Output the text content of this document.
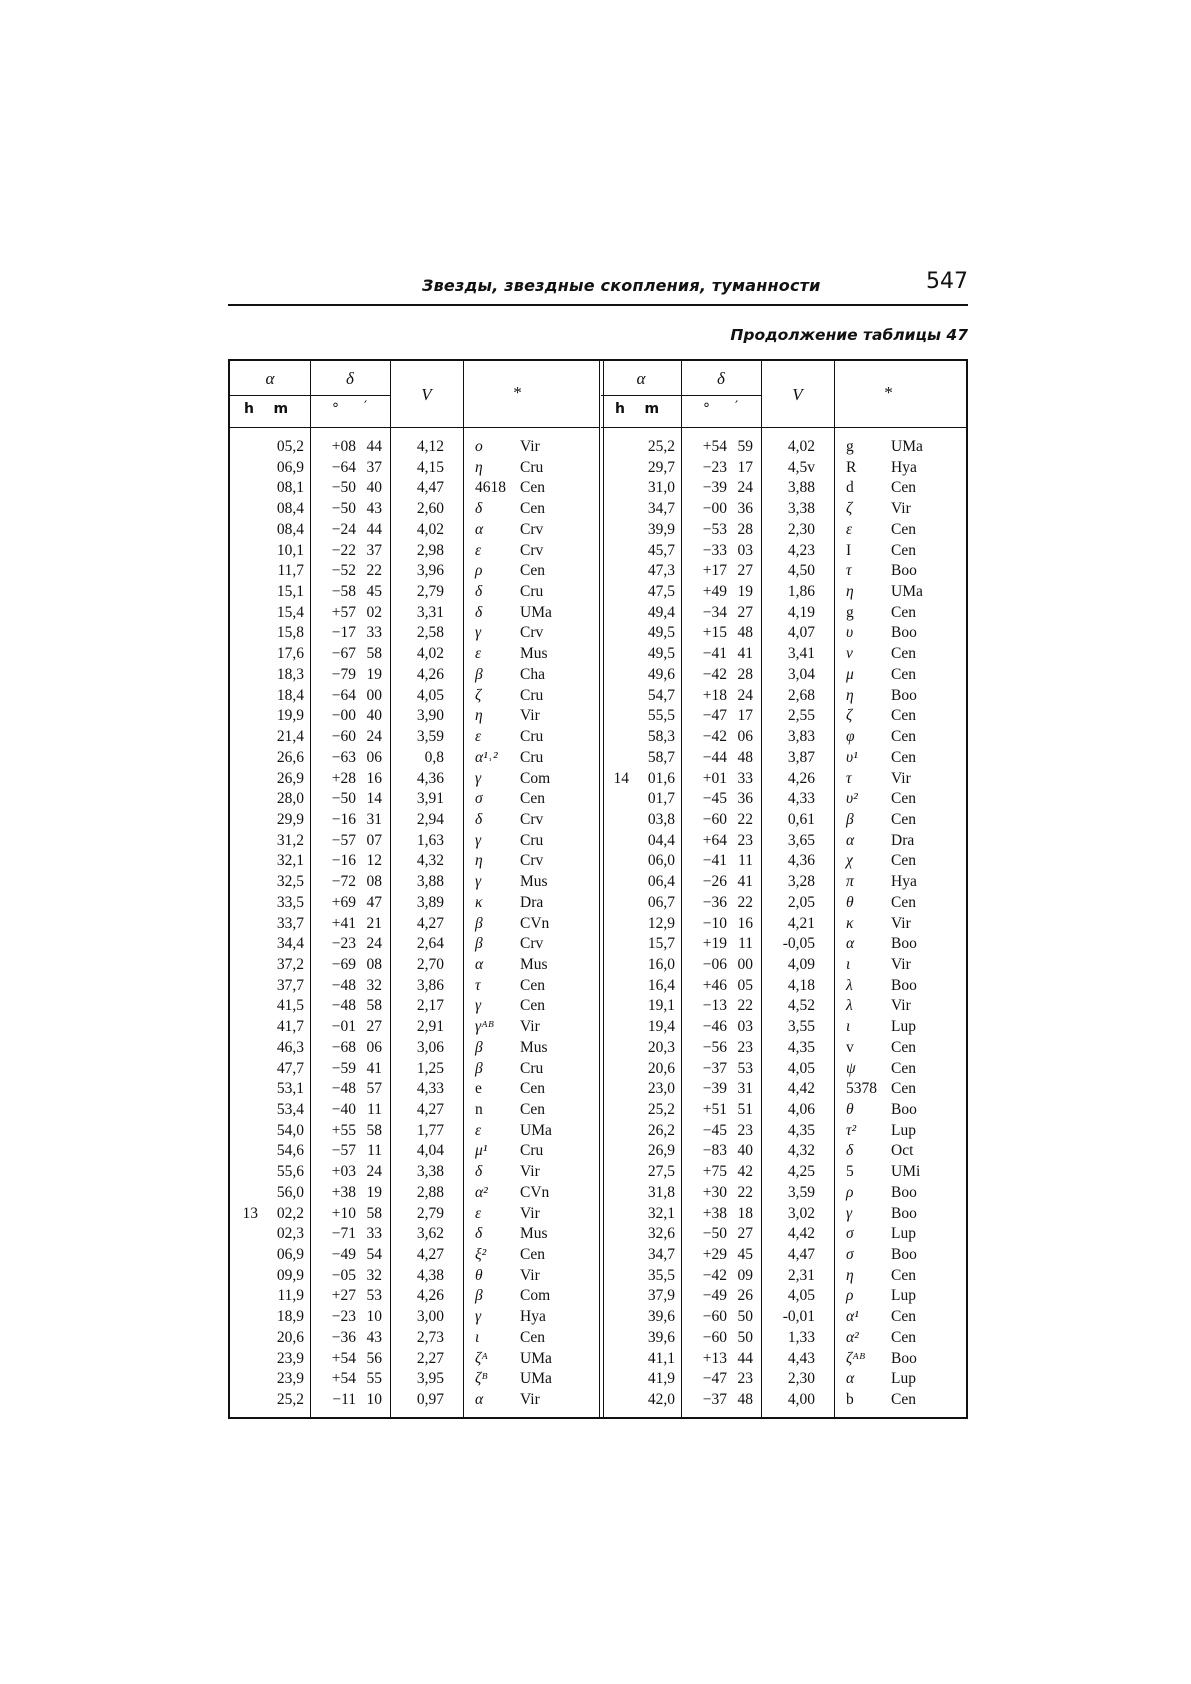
Звезды, звездные скопления, туманности	547
Продолжение таблицы 47
α	δ
V	*
h    m	° ′
05,2	+08 44	4,12 ο Vir
06,9	−64 37	4,15 η Cru
08,1	−50 40	4,47 4618 Cen
08,4	−50 43	2,60 δ Cen
08,4	−24 44	4,02 α Crv
10,1	−22 37	2,98 ε	Crv
11,7	−52 22	3,96 ρ Cen
15,1	−58 45	2,79 δ Cru
15,4	+57 02	3,31 δ UMa
15,8	−17 33	2,58 γ	Crv
17,6	−67 58	4,02 ε	Mus
18,3	−79 19	4,26 β Cha
18,4	−64 00	4,05 ζ Cru
19,9	−00 40	3,90 η Vir
21,4	−60 24	3,59 ε	Cru
26,6	−63 06	0,8 α¹˒² Cru
26,9	+28 16	4,36 γ	Com
28,0	−50 14	3,91 σ Cen
29,9	−16 31	2,94 δ Crv
31,2	−57 07	1,63 γ	Cru
32,1	−16 12	4,32 η Crv
32,5	−72 08	3,88 γ	Mus
33,5	+69 47	3,89 κ Dra
33,7	+41 21	4,27 β CVn
34,4	−23 24	2,64 β Crv
37,2	−69 08	2,70 α Mus
37,7	−48 32	3,86 τ	Cen
41,5	−48 58	2,17 γ	Cen
41,7	−01 27	2,91 γᴬᴮ Vir
46,3	−68 06	3,06 β Mus
47,7	−59 41	1,25 β Cru
53,1	−48 57	4,33 e Cen
53,4	−40 11	4,27 n Cen
54,0	+55 58	1,77 ε	UMa
54,6	−57 11	4,04 μ¹ Cru
55,6	+03 24	3,38 δ Vir
56,0	+38 19	2,88 α² CVn
13	02,2	+10 58	2,79 ε	Vir
02,3	−71 33	3,62 δ Mus
06,9	−49 54	4,27 ξ² Cen
09,9	−05 32	4,38 θ Vir
11,9	+27 53	4,26 β Com
18,9	−23 10	3,00 γ	Hya
20,6	−36 43	2,73 ι	Cen
23,9	+54 56	2,27 ζᴬ UMa
23,9	+54 55	3,95 ζᴮ UMa
25,2	−11 10	0,97 α Vir
α	δ
V	*
h    m	° ′
25,2	+54 59	4,02 g UMa
29,7	−23 17	4,5v R Hya
31,0	−39 24	3,88 d Cen
34,7	−00 36	3,38 ζ Vir
39,9	−53 28	2,30 ε	Cen
45,7	−33 03	4,23 I	Cen
47,3	+17 27	4,50 τ	Boo
47,5	+49 19	1,86 η UMa
49,4	−34 27	4,19 g Cen
49,5	+15 48	4,07 υ Boo
49,5	−41 41	3,41 ν Cen
49,6	−42 28	3,04 μ Cen
54,7	+18 24	2,68 η Boo
55,5	−47 17	2,55 ζ Cen
58,3	−42 06	3,83 φ Cen
58,7	−44 48	3,87 υ¹ Cen
14	01,6	+01 33	4,26 τ	Vir
01,7	−45 36	4,33 υ² Cen
03,8	−60 22	0,61 β Cen
04,4	+64 23	3,65 α Dra
06,0	−41 11	4,36 χ Cen
06,4	−26 41	3,28 π Hya
06,7	−36 22	2,05 θ Cen
12,9	−10 16	4,21 κ Vir
15,7	+19 11	-0,05 α Boo
16,0	−06 00	4,09 ι	Vir
16,4	+46 05	4,18 λ Boo
19,1	−13 22	4,52 λ Vir
19,4	−46 03	3,55 ι	Lup
20,3	−56 23	4,35 v Cen
20,6	−37 53	4,05 ψ Cen
23,0	−39 31	4,42 5378 Cen
25,2	+51 51	4,06 θ Boo
26,2	−45 23	4,35 τ² Lup
26,9	−83 40	4,32 δ Oct
27,5	+75 42	4,25 5 UMi
31,8	+30 22	3,59 ρ Boo
32,1	+38 18	3,02 γ	Boo
32,6	−50 27	4,42 σ Lup
34,7	+29 45	4,47 σ Boo
35,5	−42 09	2,31 η Cen
37,9	−49 26	4,05 ρ Lup
39,6	−60 50	-0,01 α¹ Cen
39,6	−60 50	1,33 α² Cen
41,1	+13 44	4,43 ζᴬᴮ Boo
41,9	−47 23	2,30 α Lup
42,0	−37 48	4,00 b Cen
